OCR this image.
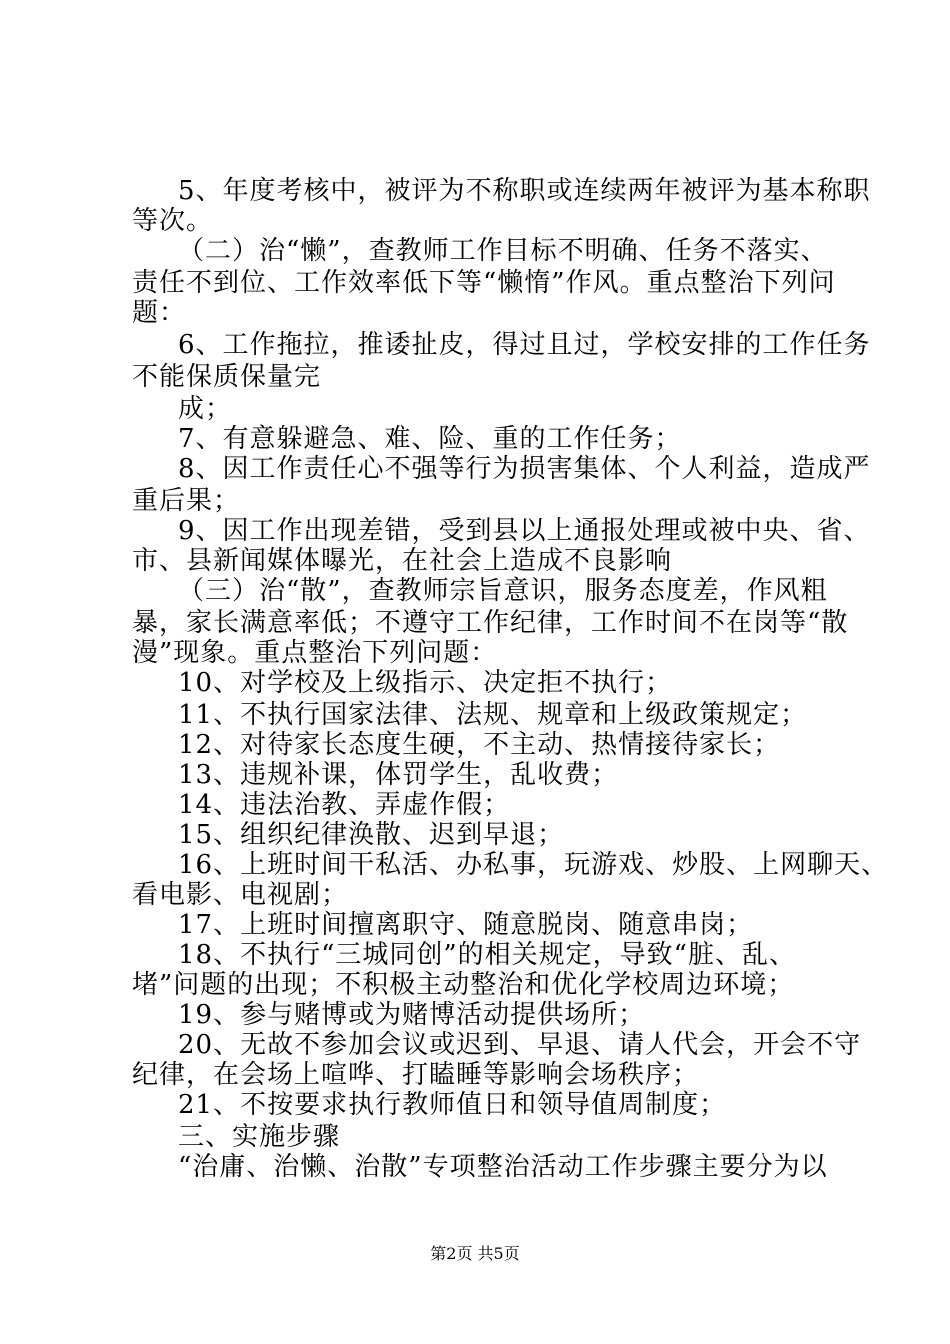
5、年度考核中，被评为不称职或连续两年被评为基本称职
等次。
（二）治“懒”，查教师工作目标不明确、任务不落实、
责任不到位、工作效率低下等“懒惰”作风。重点整治下列问
题：
6、工作拖拉，推诿扯皮，得过且过，学校安排的工作任务
不能保质保量完
成；
7、有意躲避急、难、险、重的工作任务；
8、因工作责任心不强等行为损害集体、个人利益，造成严
重后果；
9、因工作出现差错，受到县以上通报处理或被中央、省、
市、县新闻媒体曝光，在社会上造成不良影响
（三）治“散”，查教师宗旨意识，服务态度差，作风粗
暴，家长满意率低；不遵守工作纪律，工作时间不在岗等“散
漫”现象。重点整治下列问题：
10、对学校及上级指示、决定拒不执行；
11、不执行国家法律、法规、规章和上级政策规定；
12、对待家长态度生硬，不主动、热情接待家长；
13、违规补课，体罚学生，乱收费；
14、违法治教、弄虚作假；
15、组织纪律涣散、迟到早退；
16、上班时间干私活、办私事，玩游戏、炒股、上网聊天、
看电影、电视剧；
17、上班时间擅离职守、随意脱岗、随意串岗；
18、不执行“三城同创”的相关规定，导致“脏、乱、
堵”问题的出现；不积极主动整治和优化学校周边环境；
19、参与赌博或为赌博活动提供场所；
20、无故不参加会议或迟到、早退、请人代会，开会不守
纪律，在会场上喧哗、打瞌睡等影响会场秩序；
21、不按要求执行教师值日和领导值周制度；
三、实施步骤
“治庸、治懒、治散”专项整治活动工作步骤主要分为以
第2页 共5页
